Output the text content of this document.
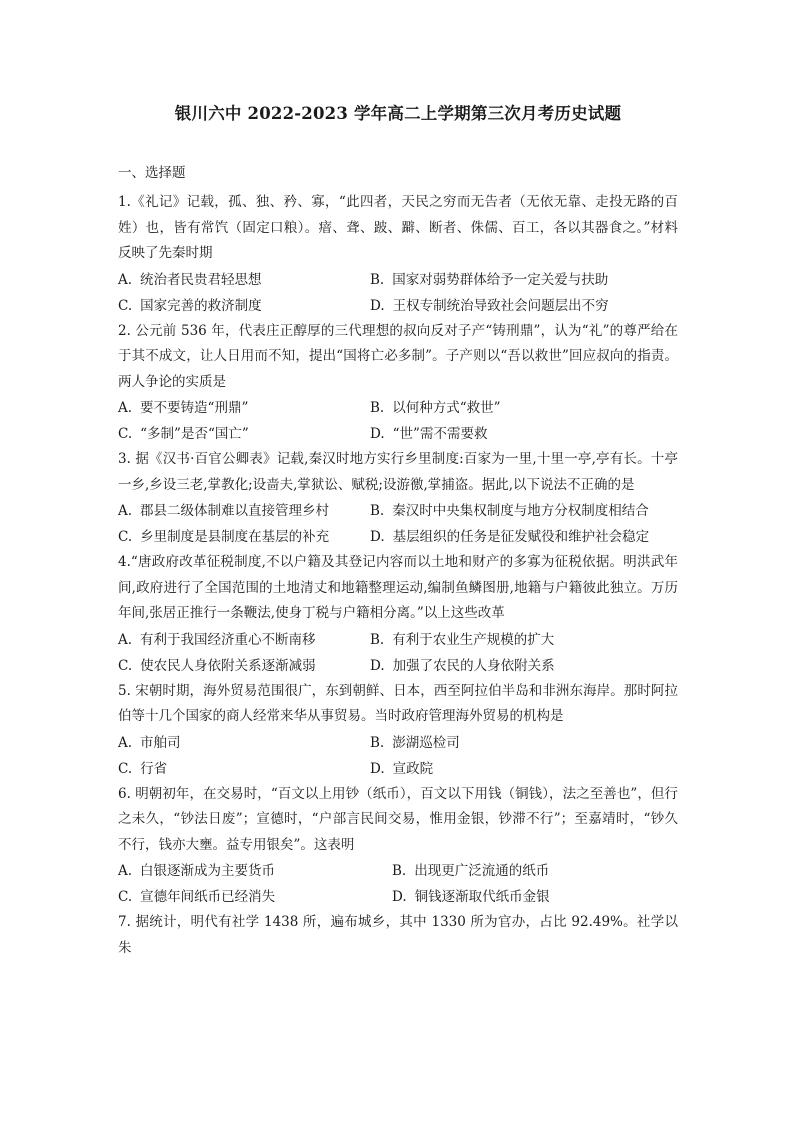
银川六中 2022-2023 学年高二上学期第三次月考历史试题

一、选择题

1.《礼记》记载，孤、独、矜、寡，“此四者，天民之穷而无告者（无依无靠、走投无路的百姓）也，皆有常饩（固定口粮）。瘖、聋、跛、躃、断者、侏儒、百工，各以其器食之。”材料反映了先秦时期

A. 统治者民贵君轻思想	B. 国家对弱势群体给予一定关爱与扶助
C. 国家完善的救济制度	D. 王权专制统治导致社会问题层出不穷

2. 公元前 536 年，代表庄正醇厚的三代理想的叔向反对子产“铸刑鼎”，认为“礼”的尊严给在于其不成文，让人日用而不知，提出“国将亡必多制”。子产则以“吾以救世”回应叔向的指责。两人争论的实质是

A. 要不要铸造“刑鼎”	B. 以何种方式“救世”
C. “多制”是否“国亡”	D. “世”需不需要救

3. 据《汉书·百官公卿表》记载,秦汉时地方实行乡里制度:百家为一里,十里一亭,亭有长。十亭一乡,乡设三老,掌教化;设啬夫,掌狱讼、赋税;设游徼,掌捕盗。据此,以下说法不正确的是

A. 郡县二级体制难以直接管理乡村	B. 秦汉时中央集权制度与地方分权制度相结合
C. 乡里制度是县制度在基层的补充	D. 基层组织的任务是征发赋役和维护社会稳定

4.“唐政府改革征税制度,不以户籍及其登记内容而以土地和财产的多寡为征税依据。明洪武年间,政府进行了全国范围的土地清丈和地籍整理运动,编制鱼鳞图册,地籍与户籍彼此独立。万历年间,张居正推行一条鞭法,使身丁税与户籍相分离。”以上这些改革

A. 有利于我国经济重心不断南移	B. 有利于农业生产规模的扩大
C. 使农民人身依附关系逐渐减弱	D. 加强了农民的人身依附关系

5. 宋朝时期，海外贸易范围很广，东到朝鲜、日本，西至阿拉伯半岛和非洲东海岸。那时阿拉伯等十几个国家的商人经常来华从事贸易。当时政府管理海外贸易的机构是

A. 市舶司	B. 澎湖巡检司
C. 行省	D. 宣政院

6. 明朝初年，在交易时，“百文以上用钞（纸币），百文以下用钱（铜钱），法之至善也”，但行之未久，“钞法日废”；宣德时，“户部言民间交易，惟用金银，钞滞不行”；至嘉靖时，“钞久不行，钱亦大壅。益专用银矣”。这表明

A. 白银逐渐成为主要货币	B. 出现更广泛流通的纸币
C. 宣德年间纸币已经消失	D. 铜钱逐渐取代纸币金银

7. 据统计，明代有社学 1438 所，遍布城乡，其中 1330 所为官办，占比 92.49%。社学以朱
